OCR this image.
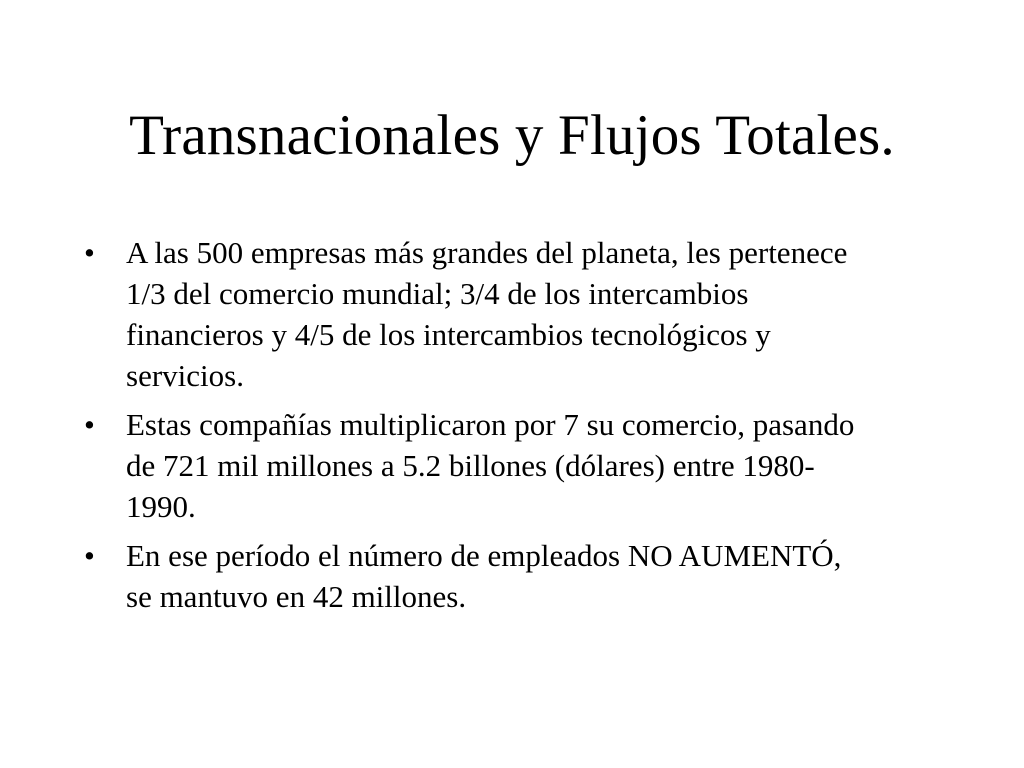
Transnacionales y Flujos Totales.
•	A las 500 empresas más grandes del planeta, les pertenece
1/3 del comercio mundial; 3/4 de los intercambios
financieros y 4/5 de los intercambios tecnológicos y
servicios.
•	Estas compañías multiplicaron por 7 su comercio, pasando
de 721 mil millones a 5.2 billones (dólares) entre 1980-
1990.
•	En ese período el número de empleados NO AUMENTÓ,
se mantuvo en 42 millones.
